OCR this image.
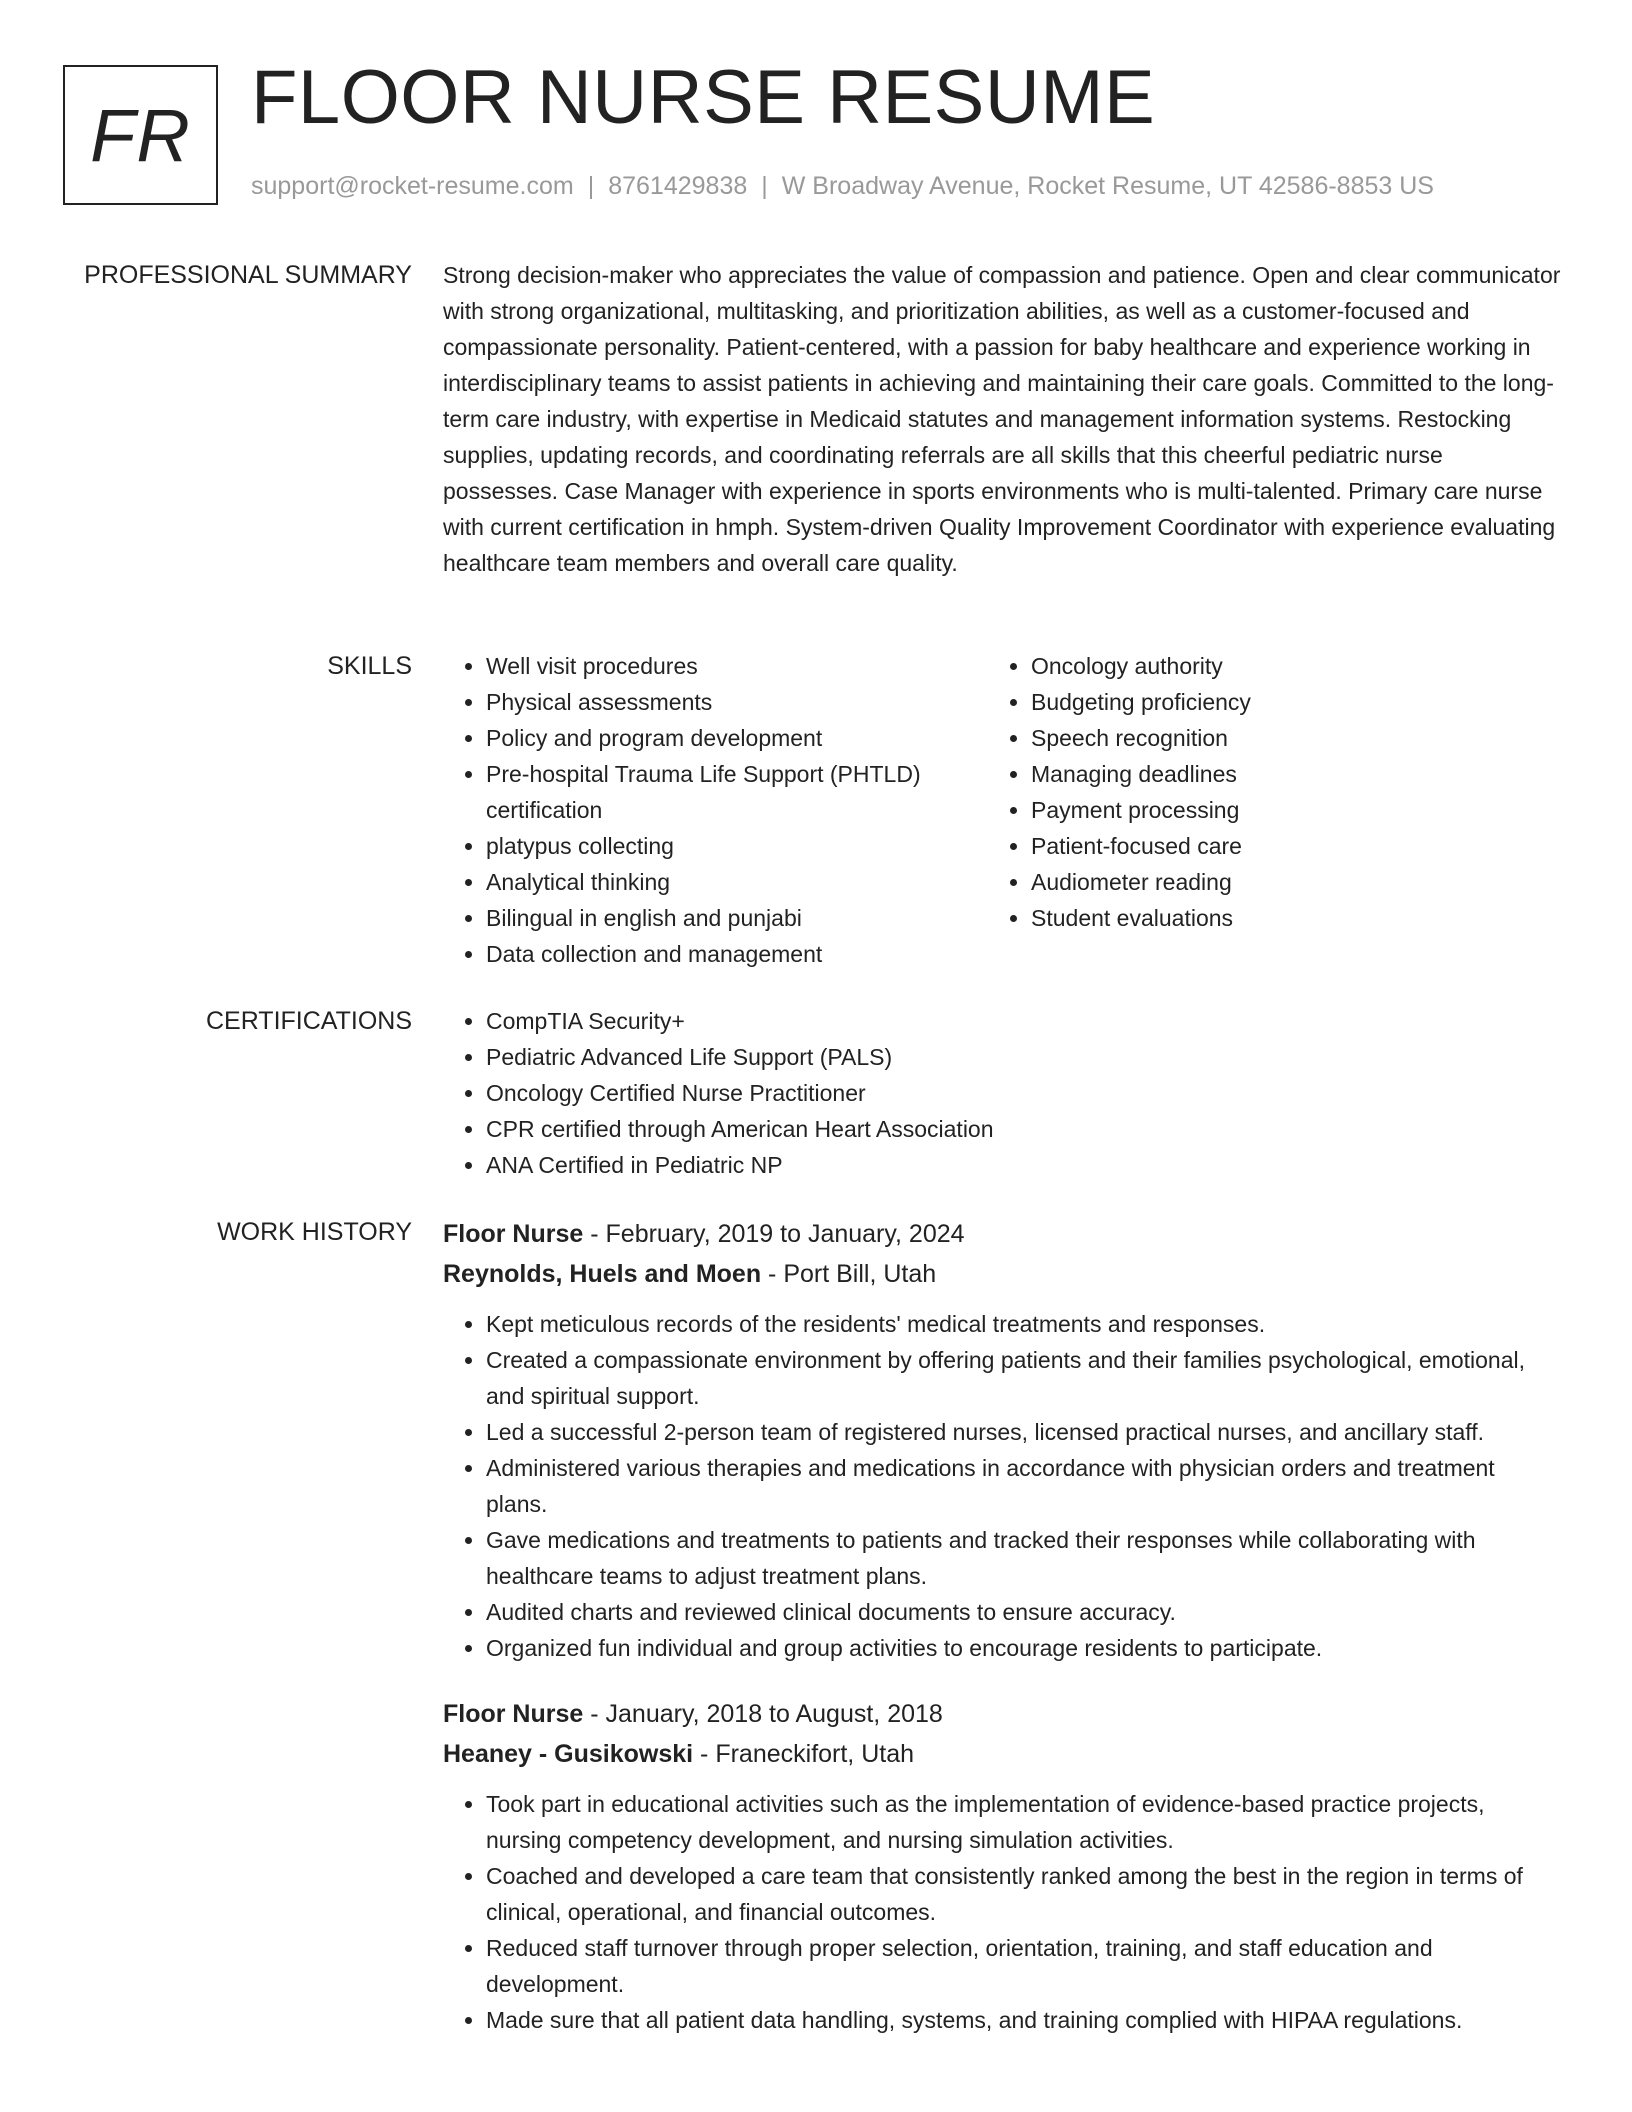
FR FLOOR NURSE RESUME
support@rocket-resume.com | 8761429838 | W Broadway Avenue, Rocket Resume, UT 42586-8853 US
PROFESSIONAL SUMMARY Strong decision-maker who appreciates the value of compassion and patience. Open and clear communicator with strong organizational, multitasking, and prioritization abilities, as well as a customer-focused and compassionate personality. Patient-centered, with a passion for baby healthcare and experience working in interdisciplinary teams to assist patients in achieving and maintaining their care goals. Committed to the long-term care industry, with expertise in Medicaid statutes and management information systems. Restocking supplies, updating records, and coordinating referrals are all skills that this cheerful pediatric nurse possesses. Case Manager with experience in sports environments who is multi-talented. Primary care nurse with current certification in hmph. System-driven Quality Improvement Coordinator with experience evaluating healthcare team members and overall care quality.

SKILLS	• Well visit procedures
• Physical assessments
• Policy and program development
• Pre-hospital Trauma Life Support (PHTLD) certification
• platypus collecting
• Analytical thinking
• Bilingual in english and punjabi
• Data collection and management
• Oncology authority
• Budgeting proficiency
• Speech recognition
• Managing deadlines
• Payment processing
• Patient-focused care
• Audiometer reading
• Student evaluations
CERTIFICATIONS	• CompTIA Security+
• Pediatric Advanced Life Support (PALS)
• Oncology Certified Nurse Practitioner
• CPR certified through American Heart Association
• ANA Certified in Pediatric NP
WORK HISTORY Floor Nurse - February, 2019 to January, 2024
Reynolds, Huels and Moen - Port Bill, Utah
• Kept meticulous records of the residents' medical treatments and responses.
• Created a compassionate environment by offering patients and their families psychological, emotional, and spiritual support.
• Led a successful 2-person team of registered nurses, licensed practical nurses, and ancillary staff.
• Administered various therapies and medications in accordance with physician orders and treatment plans.
• Gave medications and treatments to patients and tracked their responses while collaborating with healthcare teams to adjust treatment plans.
• Audited charts and reviewed clinical documents to ensure accuracy.
• Organized fun individual and group activities to encourage residents to participate.
Floor Nurse - January, 2018 to August, 2018
Heaney - Gusikowski - Franeckifort, Utah
• Took part in educational activities such as the implementation of evidence-based practice projects, nursing competency development, and nursing simulation activities.
• Coached and developed a care team that consistently ranked among the best in the region in terms of clinical, operational, and financial outcomes.
• Reduced staff turnover through proper selection, orientation, training, and staff education and development.
• Made sure that all patient data handling, systems, and training complied with HIPAA regulations.
